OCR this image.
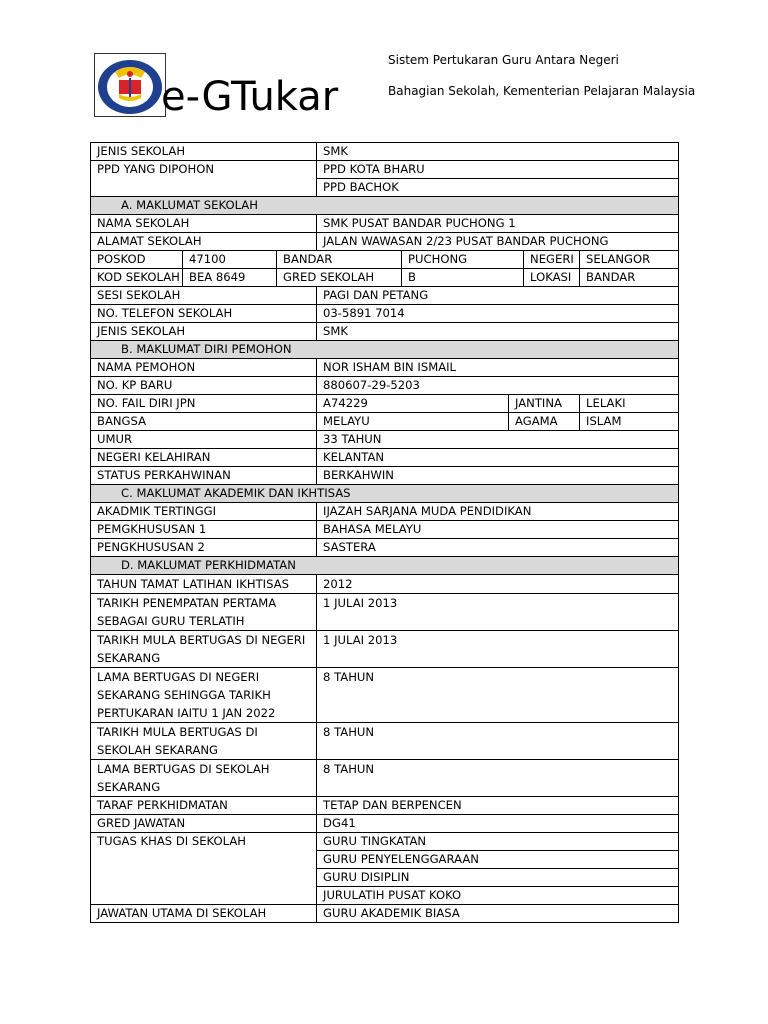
e-GTukar
Sistem Pertukaran Guru Antara Negeri
Bahagian Sekolah, Kementerian Pelajaran Malaysia
JENIS SEKOLAH			SMK				
PPD YANG DIPOHON			PPD KOTA BHARU				
			PPD BACHOK				
A. MAKLUMAT SEKOLAH							
NAMA SEKOLAH			SMK PUSAT BANDAR PUCHONG 1				
ALAMAT SEKOLAH			JALAN WAWASAN 2/23 PUSAT BANDAR PUCHONG				
POSKOD	47100	BANDAR		PUCHONG		NEGERI	SELANGOR
KOD SEKOLAH	BEA 8649	GRED SEKOLAH		B		LOKASI	BANDAR
SESI SEKOLAH			PAGI DAN PETANG				
NO. TELEFON SEKOLAH			03-5891 7014				
JENIS SEKOLAH			SMK				
B. MAKLUMAT DIRI PEMOHON							
NAMA PEMOHON			NOR ISHAM BIN ISMAIL				
NO. KP BARU			880607-29-5203				
NO. FAIL DIRI JPN			A74229		JANTINA		LELAKI
BANGSA			MELAYU		AGAMA		ISLAM
UMUR			33 TAHUN				
NEGERI KELAHIRAN			KELANTAN				
STATUS PERKAHWINAN			BERKAHWIN				
C. MAKLUMAT AKADEMIK DAN IKHTISAS							
AKADMIK TERTINGGI			IJAZAH SARJANA MUDA PENDIDIKAN				
PEMGKHUSUSAN 1			BAHASA MELAYU				
PENGKHUSUSAN 2			SASTERA				
D. MAKLUMAT PERKHIDMATAN							
TAHUN TAMAT LATIHAN IKHTISAS			2012				
TARIKH PENEMPATAN PERTAMA SEBAGAI GURU TERLATIH			1 JULAI 2013				
TARIKH MULA BERTUGAS DI NEGERI SEKARANG			1 JULAI 2013				
LAMA BERTUGAS DI NEGERI SEKARANG SEHINGGA TARIKH PERTUKARAN IAITU 1 JAN 2022			8 TAHUN				
TARIKH MULA BERTUGAS DI SEKOLAH SEKARANG			8 TAHUN				
LAMA BERTUGAS DI SEKOLAH SEKARANG			8 TAHUN				
TARAF PERKHIDMATAN			TETAP DAN BERPENCEN				
GRED JAWATAN			DG41				
TUGAS KHAS DI SEKOLAH			GURU TINGKATAN				
			GURU PENYELENGGARAAN				
			GURU DISIPLIN				
			JURULATIH PUSAT KOKO				
JAWATAN UTAMA DI SEKOLAH			GURU AKADEMIK BIASA				
